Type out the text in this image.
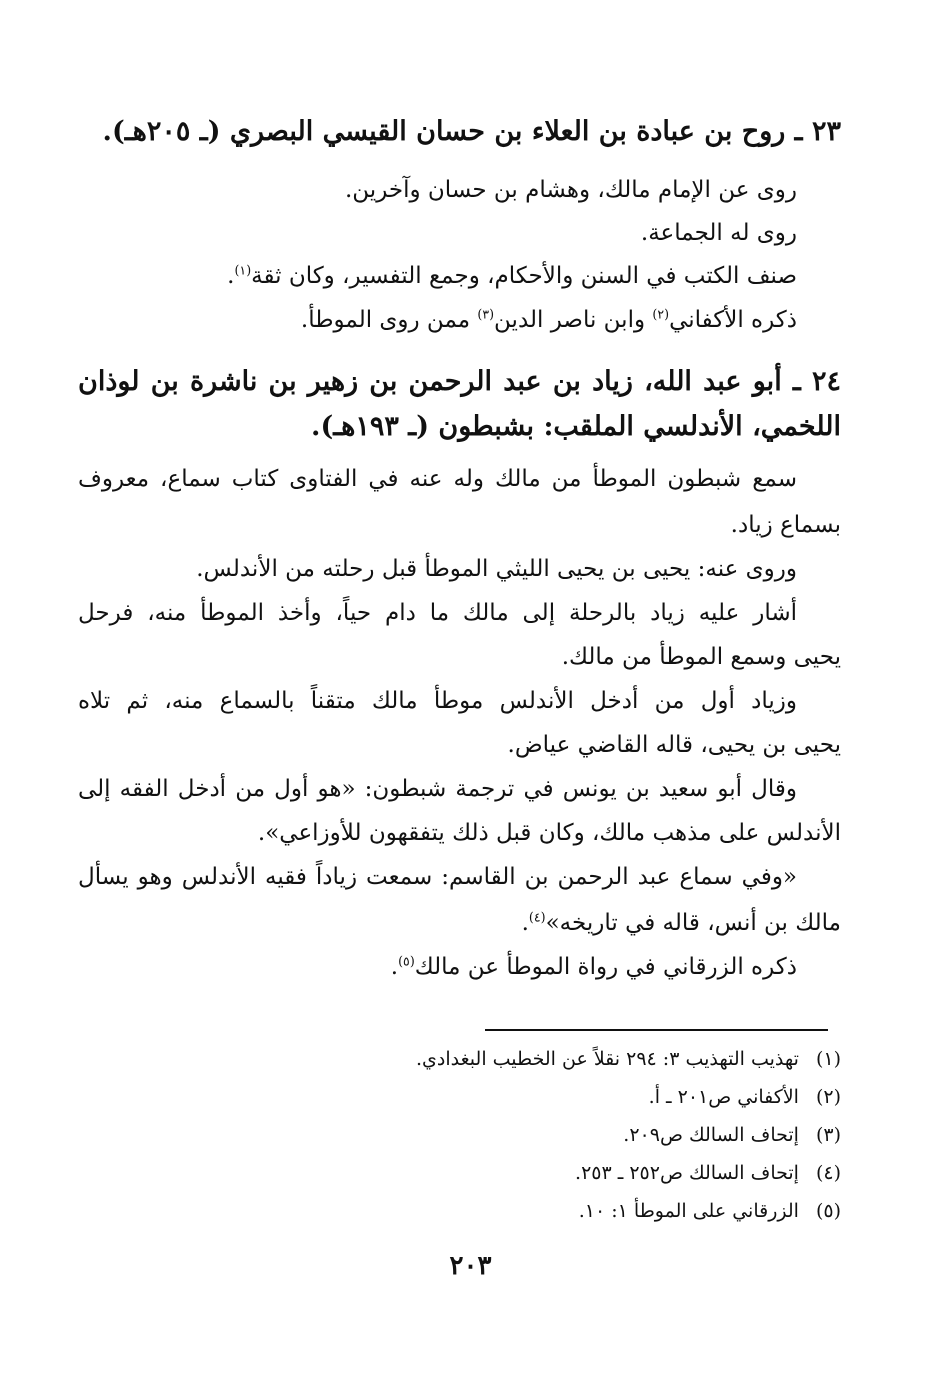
٢٣ ـ روح بن عبادة بن العلاء بن حسان القيسي البصري (ـ ٢٠٥هـ).
روى عن الإمام مالك، وهشام بن حسان وآخرين.
روى له الجماعة.
صنف الكتب في السنن والأحكام، وجمع التفسير، وكان ثقة$^{(١)}$.
ذكره الأكفاني$^{(٢)}$ وابن ناصر الدين$^{(٣)}$ ممن روى الموطأ.
٢٤ ـ أبو عبد الله، زياد بن عبد الرحمن بن زهير بن ناشرة بن لوذان
اللخمي، الأندلسي الملقب: بشبطون (ـ ١٩٣هـ).
سمع شبطون الموطأ من مالك وله عنه في الفتاوى كتاب سماع، معروف
بسماع زياد.
وروى عنه: يحيى بن يحيى الليثي الموطأ قبل رحلته من الأندلس.
أشار عليه زياد بالرحلة إلى مالك ما دام حياً، وأخذ الموطأ منه، فرحل
يحيى وسمع الموطأ من مالك.
وزياد أول من أدخل الأندلس موطأ مالك متقناً بالسماع منه، ثم تلاه
يحيى بن يحيى، قاله القاضي عياض.
وقال أبو سعيد بن يونس في ترجمة شبطون: «هو أول من أدخل الفقه إلى
الأندلس على مذهب مالك، وكان قبل ذلك يتفقهون للأوزاعي».
«وفي سماع عبد الرحمن بن القاسم: سمعت زياداً فقيه الأندلس وهو يسأل
مالك بن أنس، قاله في تاريخه»$^{(٤)}$.
ذكره الزرقاني في رواة الموطأ عن مالك$^{(٥)}$.
(١) تهذيب التهذيب ٣: ٢٩٤ نقلاً عن الخطيب البغدادي.
(٢) الأكفاني ص٢٠١ ـ أ.
(٣) إتحاف السالك ص٢٠٩.
(٤) إتحاف السالك ص٢٥٢ ـ ٢٥٣.
(٥) الزرقاني على الموطأ ١: ١٠.
٢٠٣
